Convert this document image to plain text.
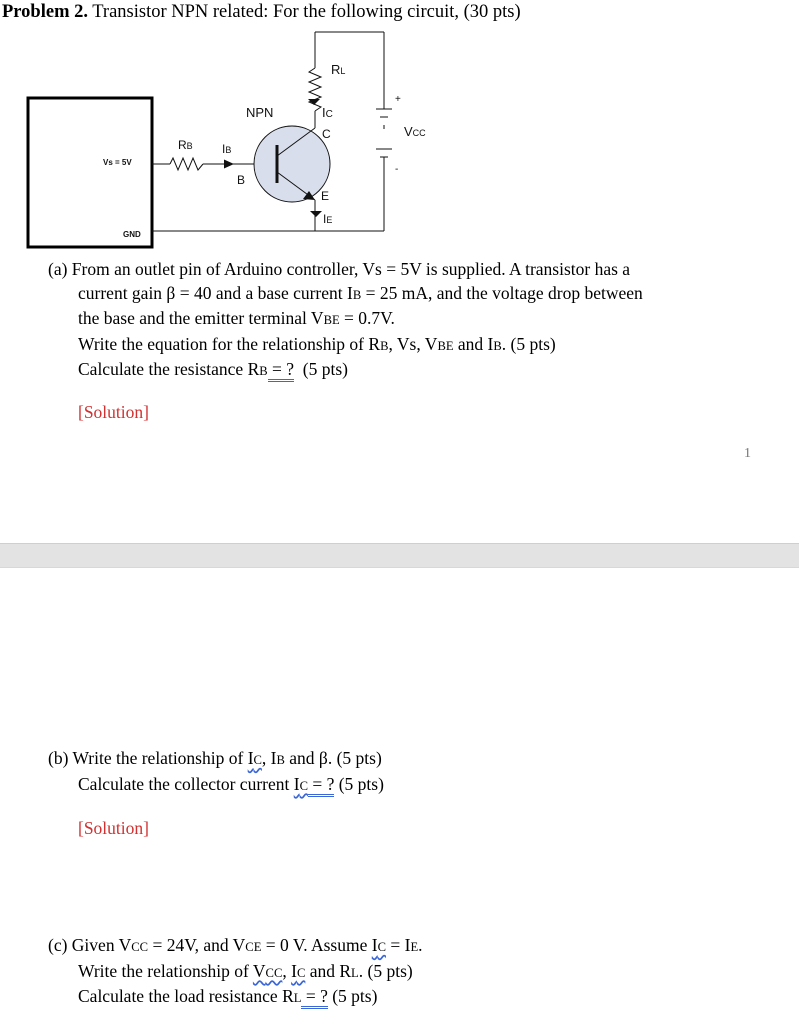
Problem 2. Transistor NPN related: For the following circuit, (30 pts)
Vs = 5V
GND
RB IB
B
NPN
RL
IC
C
E
IE
+
-
VCC
(a) From an outlet pin of Arduino controller, Vs = 5V is supplied. A transistor has a
current gain β = 40 and a base current IB = 25 mA, and the voltage drop between
the base and the emitter terminal VBE = 0.7V.
Write the equation for the relationship of RB, Vs, VBE and IB. (5 pts)
Calculate the resistance RB = ?  (5 pts)
[Solution]
1
(b) Write the relationship of IC, IB and β. (5 pts)
Calculate the collector current IC = ? (5 pts)
[Solution]
(c) Given VCC = 24V, and VCE = 0 V. Assume IC = IE.
Write the relationship of VCC, IC and RL. (5 pts)
Calculate the load resistance RL = ? (5 pts)
